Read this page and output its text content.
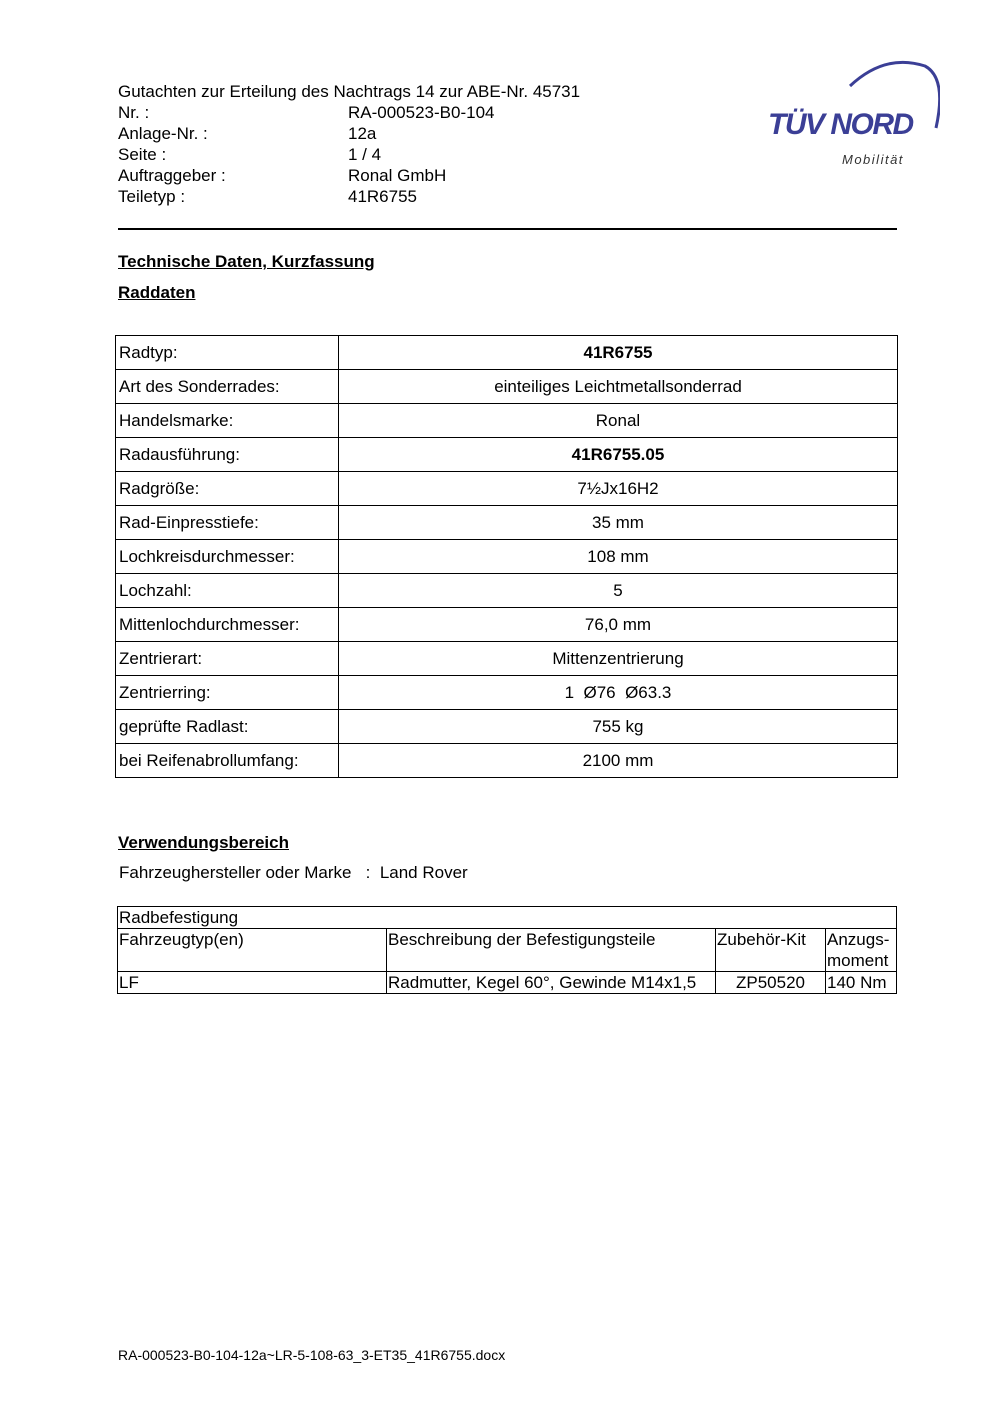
Gutachten zur Erteilung des Nachtrags 14 zur ABE-Nr. 45731
Nr. :	RA-000523-B0-104
Anlage-Nr. :	12a
Seite :	1 / 4
Auftraggeber :	Ronal GmbH
Teiletyp :	41R6755
TÜV NORD
Mobilität
Technische Daten, Kurzfassung
Raddaten
Radtyp:	41R6755
Art des Sonderrades:	einteiliges Leichtmetallsonderrad
Handelsmarke:	Ronal
Radausführung:	41R6755.05
Radgröße:	7½Jx16H2
Rad-Einpresstiefe:	35 mm
Lochkreisdurchmesser:	108 mm
Lochzahl:	5
Mittenlochdurchmesser:	76,0 mm
Zentrierart:	Mittenzentrierung
Zentrierring:	1  Ø76  Ø63.3
geprüfte Radlast:	755 kg
bei Reifenabrollumfang:	2100 mm
Verwendungsbereich
Fahrzeughersteller oder Marke : Land Rover
Radbefestigung			
Fahrzeugtyp(en)	Beschreibung der Befestigungsteile	Zubehör-Kit	Anzugs-
moment

LF	Radmutter, Kegel 60°, Gewinde M14x1,5	ZP50520	140 Nm
RA-000523-B0-104-12a~LR-5-108-63_3-ET35_41R6755.docx
